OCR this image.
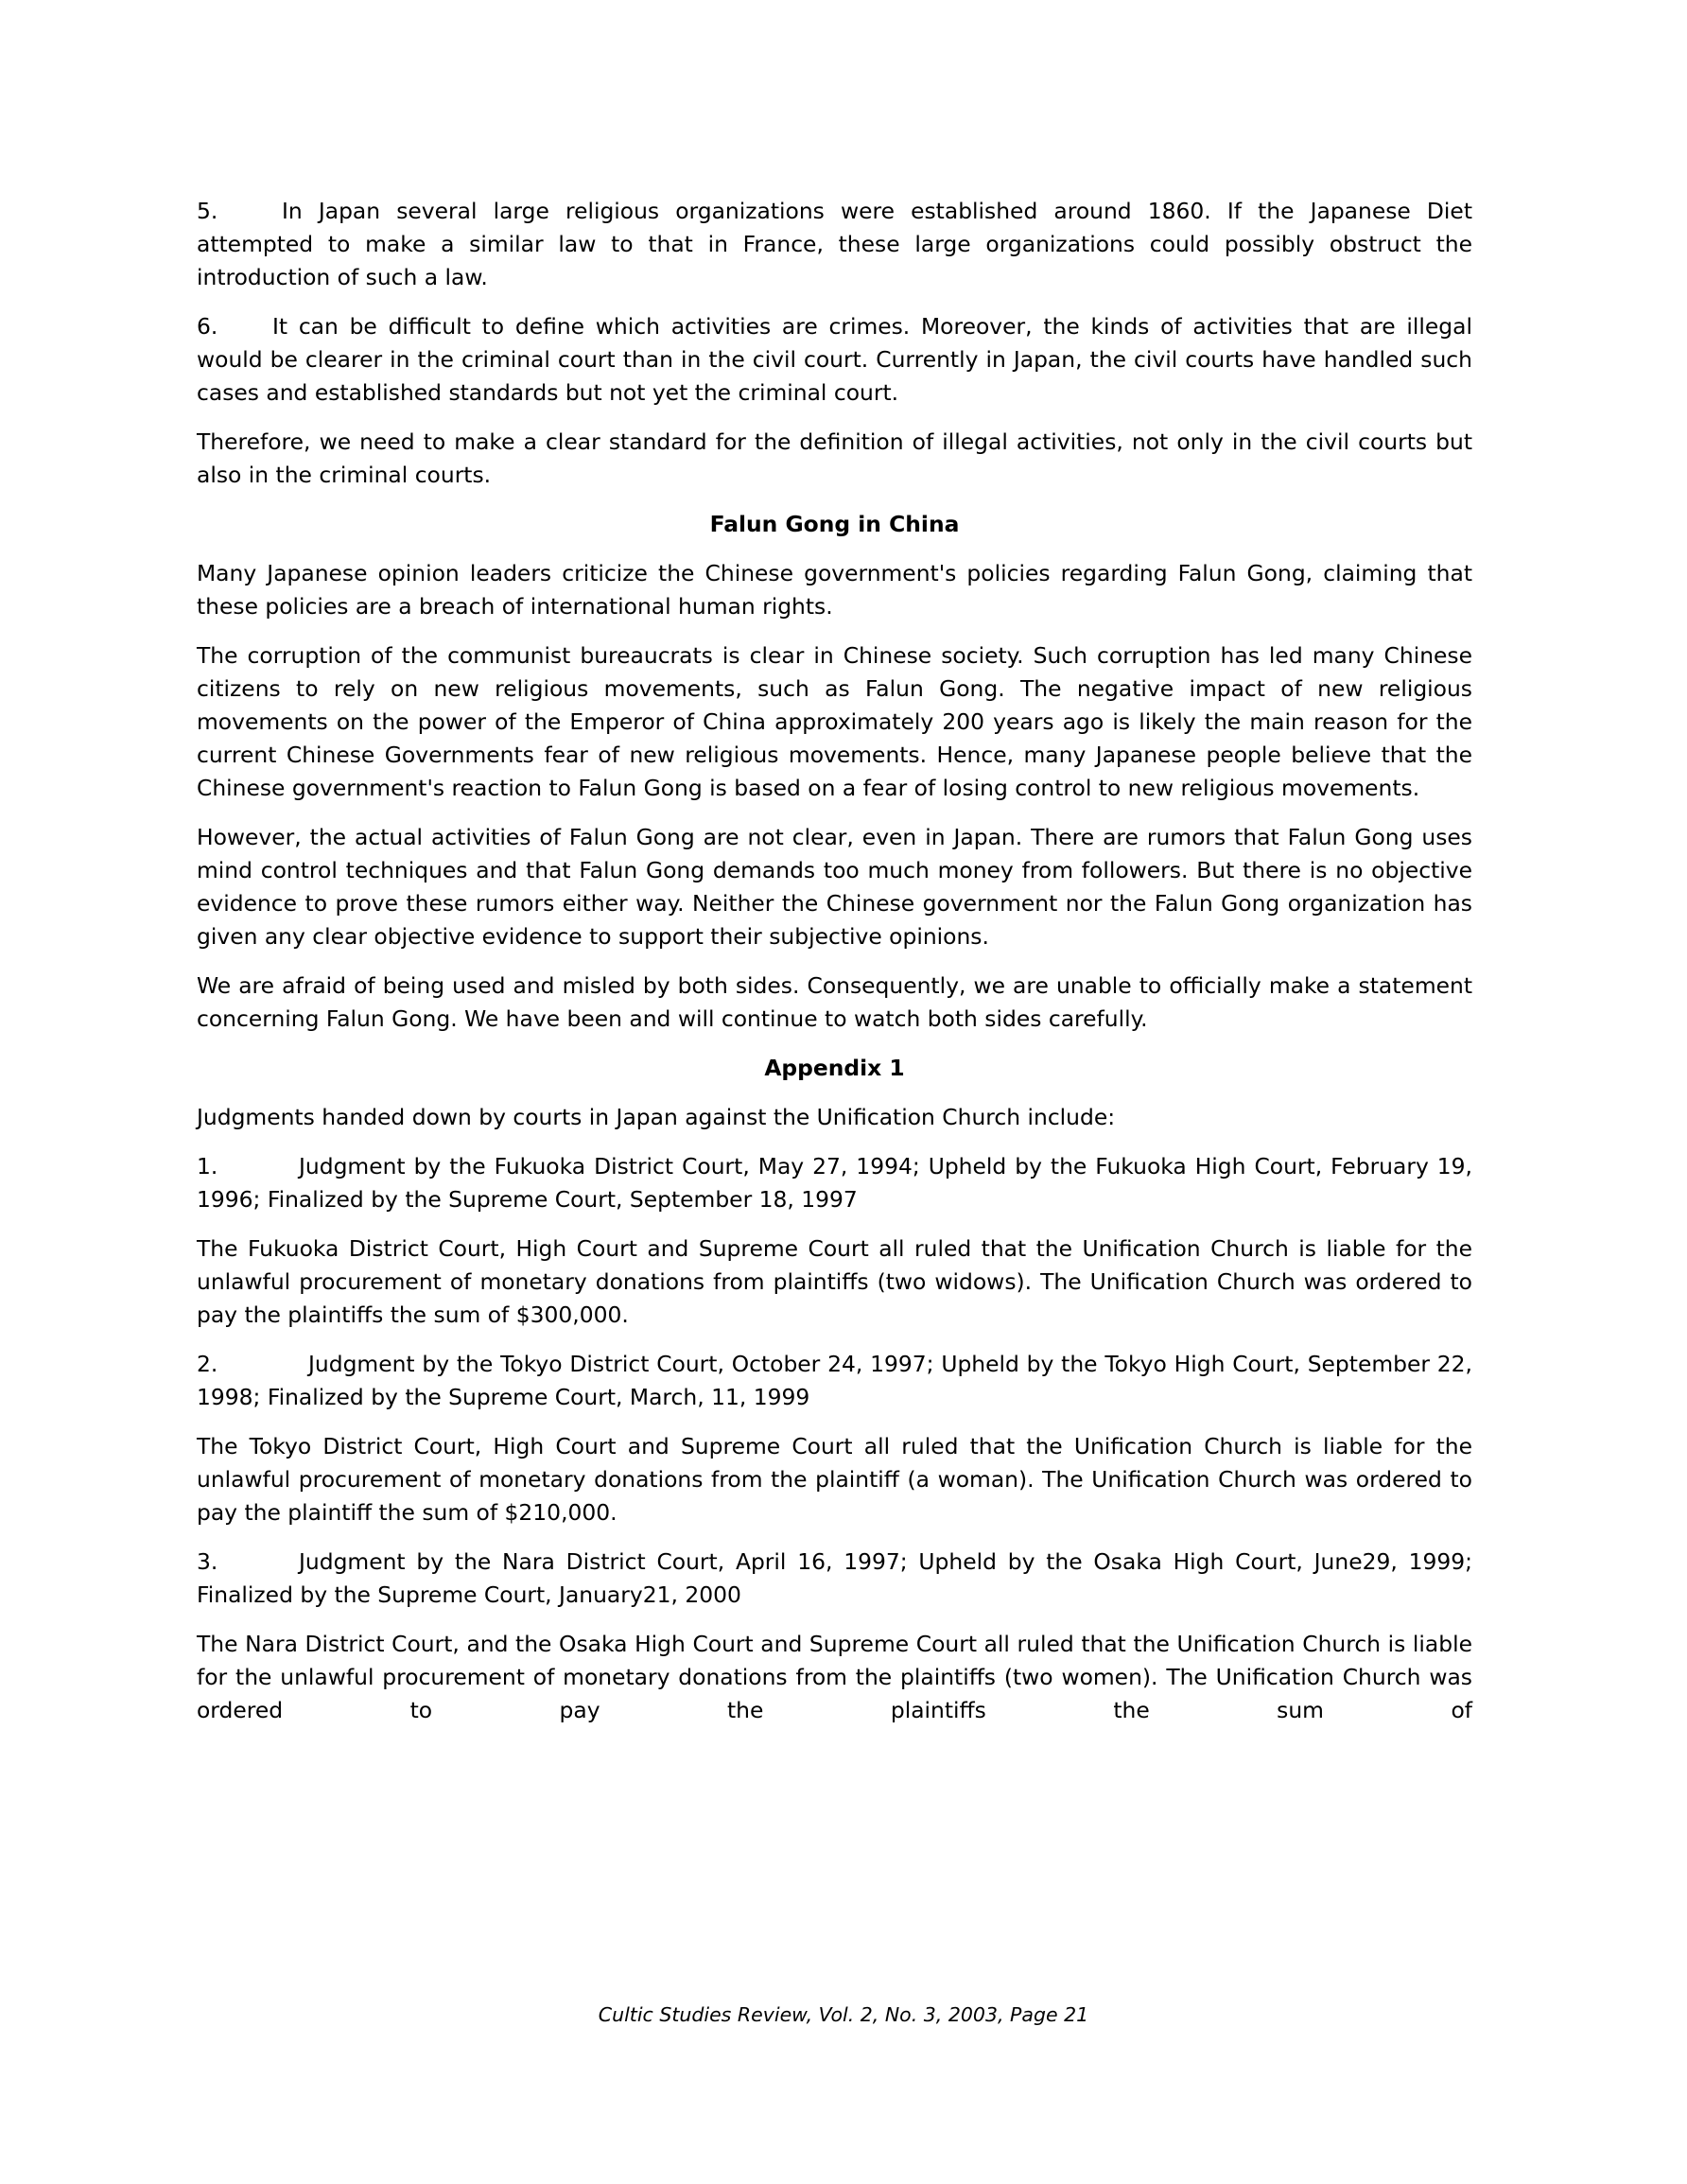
5.	In Japan several large religious organizations were established around 1860. If the Japanese Diet attempted to make a similar law to that in France, these large organizations could possibly obstruct the introduction of such a law.

6. It can be difficult to define which activities are crimes. Moreover, the kinds of activities that are illegal would be clearer in the criminal court than in the civil court. Currently in Japan, the civil courts have handled such cases and established standards but not yet the criminal court.

Therefore, we need to make a clear standard for the definition of illegal activities, not only in the civil courts but also in the criminal courts.

Falun Gong in China

Many Japanese opinion leaders criticize the Chinese government's policies regarding Falun Gong, claiming that these policies are a breach of international human rights.

The corruption of the communist bureaucrats is clear in Chinese society. Such corruption has led many Chinese citizens to rely on new religious movements, such as Falun Gong. The negative impact of new religious movements on the power of the Emperor of China approximately 200 years ago is likely the main reason for the current Chinese Governments fear of new religious movements. Hence, many Japanese people believe that the Chinese government's reaction to Falun Gong is based on a fear of losing control to new religious movements.

However, the actual activities of Falun Gong are not clear, even in Japan. There are rumors that Falun Gong uses mind control techniques and that Falun Gong demands too much money from followers. But there is no objective evidence to prove these rumors either way. Neither the Chinese government nor the Falun Gong organization has given any clear objective evidence to support their subjective opinions.

We are afraid of being used and misled by both sides. Consequently, we are unable to officially make a statement concerning Falun Gong. We have been and will continue to watch both sides carefully.

Appendix 1

Judgments handed down by courts in Japan against the Unification Church include:

1.	Judgment by the Fukuoka District Court, May 27, 1994; Upheld by the Fukuoka High Court, February 19, 1996; Finalized by the Supreme Court, September 18, 1997

The Fukuoka District Court, High Court and Supreme Court all ruled that the Unification Church is liable for the unlawful procurement of monetary donations from plaintiffs (two widows). The Unification Church was ordered to pay the plaintiffs the sum of $300,000.

2.	Judgment by the Tokyo District Court, October 24, 1997; Upheld by the Tokyo High Court, September 22, 1998; Finalized by the Supreme Court, March, 11, 1999

The Tokyo District Court, High Court and Supreme Court all ruled that the Unification Church is liable for the unlawful procurement of monetary donations from the plaintiff (a woman). The Unification Church was ordered to pay the plaintiff the sum of $210,000.

3.	Judgment by the Nara District Court, April 16, 1997; Upheld by the Osaka High Court, June29, 1999; Finalized by the Supreme Court, January21, 2000

The Nara District Court, and the Osaka High Court and Supreme Court all ruled that the Unification Church is liable for the unlawful procurement of monetary donations from the plaintiffs (two women). The Unification Church was ordered to pay the plaintiffs the sum of

Cultic Studies Review, Vol. 2, No. 3, 2003, Page 21
